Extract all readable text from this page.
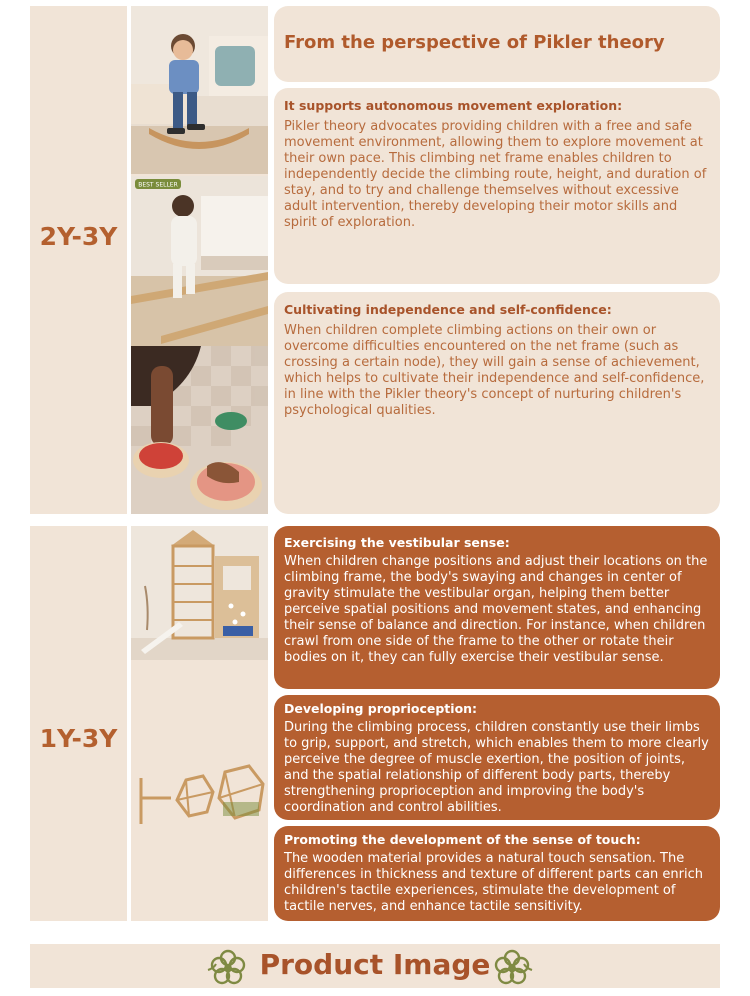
2Y-3Y
BEST SELLER
From the perspective of Pikler theory
It supports autonomous movement exploration:
Pikler theory advocates providing children with a free and safe movement environment, allowing them to explore movement at their own pace. This climbing net frame enables children to independently decide the climbing route, height, and duration of stay, and to try and challenge themselves without excessive adult intervention, thereby developing their motor skills and spirit of exploration.
Cultivating independence and self-confidence:
When children complete climbing actions on their own or overcome difficulties encountered on the net frame (such as crossing a certain node), they will gain a sense of achievement, which helps to cultivate their independence and self-confidence, in line with the Pikler theory's concept of nurturing children's psychological qualities.
1Y-3Y
Exercising the vestibular sense:
When children change positions and adjust their locations on the climbing frame, the body's swaying and changes in center of gravity stimulate the vestibular organ, helping them better perceive spatial positions and movement states, and enhancing their sense of balance and direction. For instance, when children crawl from one side of the frame to the other or rotate their bodies on it, they can fully exercise their vestibular sense.
Developing proprioception:
During the climbing process, children constantly use their limbs to grip, support, and stretch, which enables them to more clearly perceive the degree of muscle exertion, the position of joints, and the spatial relationship of different body parts, thereby strengthening proprioception and improving the body's coordination and control abilities.
Promoting the development of the sense of touch:
The wooden material provides a natural touch sensation. The differences in thickness and texture of different parts can enrich children's tactile experiences, stimulate the development of tactile nerves, and enhance tactile sensitivity.
Product Image
